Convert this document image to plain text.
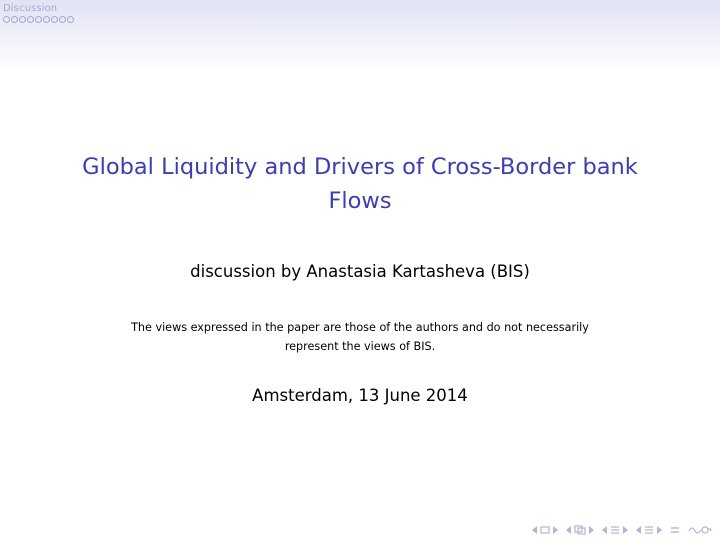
Discussion
Global Liquidity and Drivers of Cross-Border bank
Flows
discussion by Anastasia Kartasheva (BIS)
The views expressed in the paper are those of the authors and do not necessarily
represent the views of BIS.
Amsterdam, 13 June 2014
